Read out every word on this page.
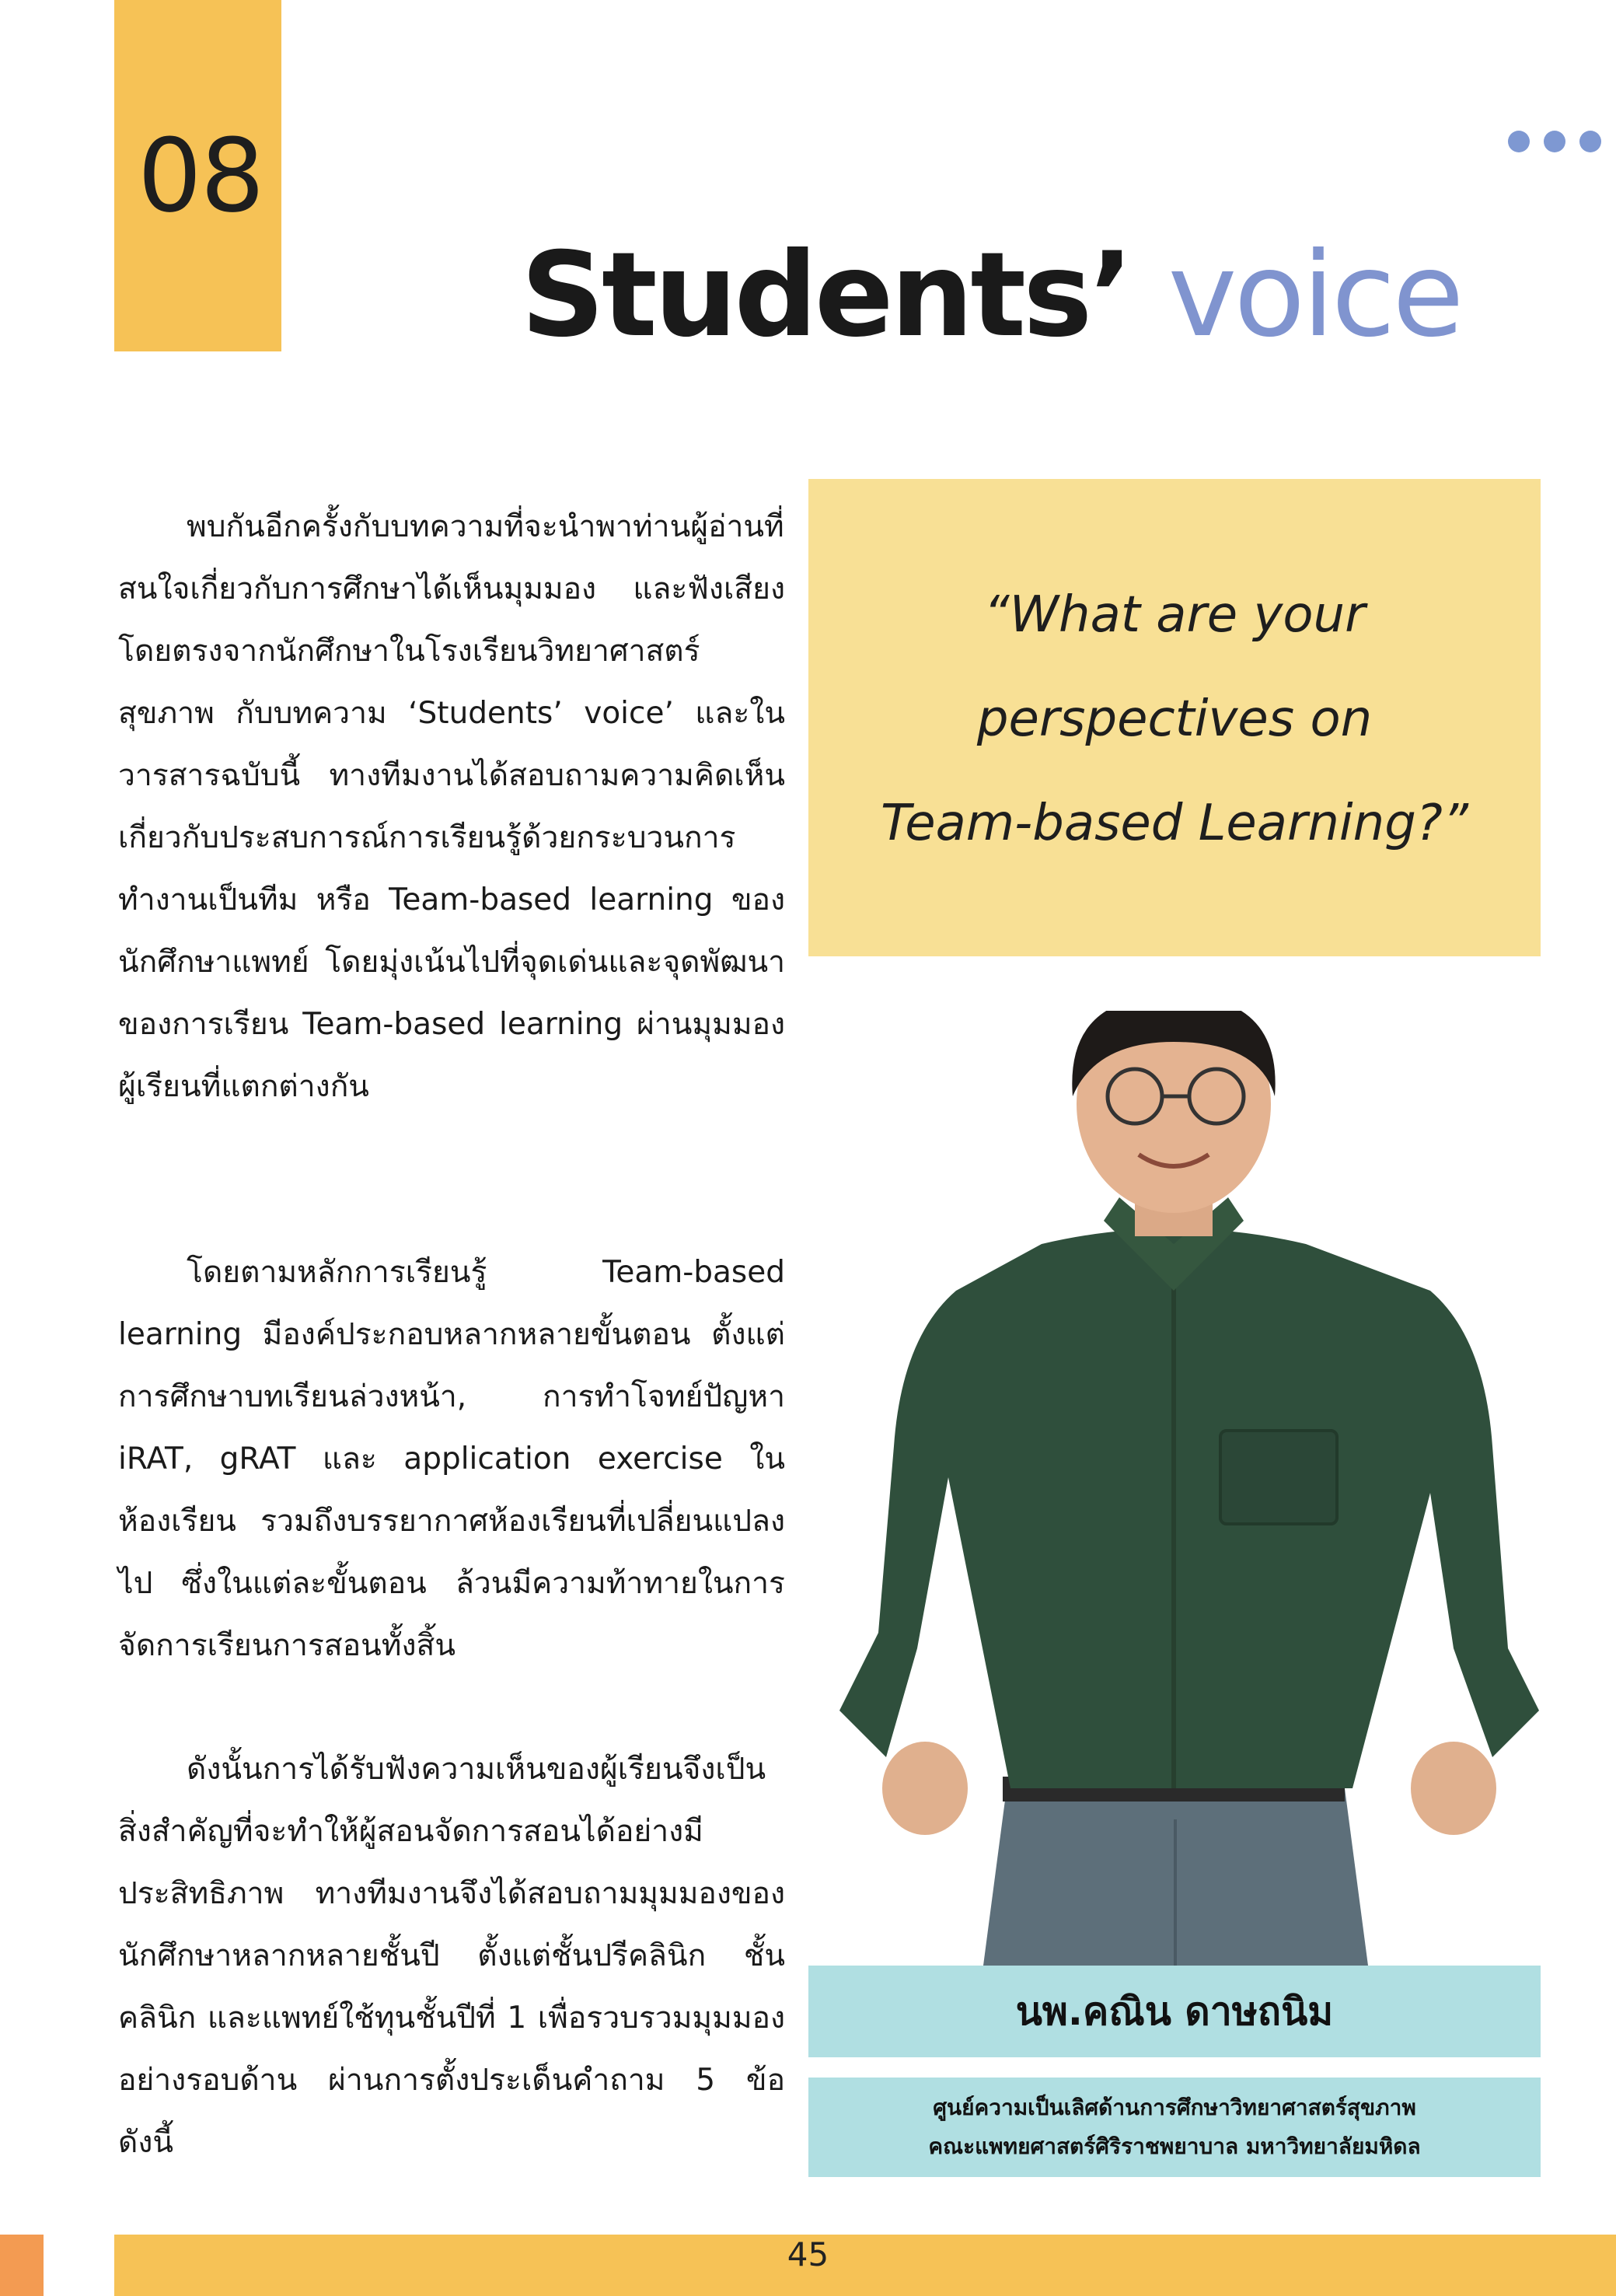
08
Students’ voice

พบกันอีกครั้งกับบทความที่จะนำพาท่านผู้อ่านที่สนใจเกี่ยวกับการศึกษาได้เห็นมุมมอง และฟังเสียงโดยตรงจากนักศึกษาในโรงเรียนวิทยาศาสตร์สุขภาพ กับบทความ ‘Students’ voice’ และในวารสารฉบับนี้ ทางทีมงานได้สอบถามความคิดเห็นเกี่ยวกับประสบการณ์การเรียนรู้ด้วยกระบวนการทำงานเป็นทีม หรือ Team-based learning ของนักศึกษาแพทย์ โดยมุ่งเน้นไปที่จุดเด่นและจุดพัฒนาของการเรียน Team-based learning ผ่านมุมมองผู้เรียนที่แตกต่างกัน

โดยตามหลักการเรียนรู้ Team-based learning มีองค์ประกอบหลากหลายขั้นตอน ตั้งแต่การศึกษาบทเรียนล่วงหน้า, การทำโจทย์ปัญหา iRAT, gRAT และ application exercise ในห้องเรียน รวมถึงบรรยากาศห้องเรียนที่เปลี่ยนแปลงไป ซึ่งในแต่ละขั้นตอน ล้วนมีความท้าทายในการจัดการเรียนการสอนทั้งสิ้น

ดังนั้นการได้รับฟังความเห็นของผู้เรียนจึงเป็นสิ่งสำคัญที่จะทำให้ผู้สอนจัดการสอนได้อย่างมีประสิทธิภาพ ทางทีมงานจึงได้สอบถามมุมมองของนักศึกษาหลากหลายชั้นปี ตั้งแต่ชั้นปรีคลินิก ชั้นคลินิก และแพทย์ใช้ทุนชั้นปีที่ 1 เพื่อรวบรวมมุมมองอย่างรอบด้าน ผ่านการตั้งประเด็นคำถาม 5 ข้อ ดังนี้

“What are your
perspectives on
Team-based Learning?”
นพ.คณิน ดาษถนิม
ศูนย์ความเป็นเลิศด้านการศึกษาวิทยาศาสตร์สุขภาพ
คณะแพทยศาสตร์ศิริราชพยาบาล มหาวิทยาลัยมหิดล
45
